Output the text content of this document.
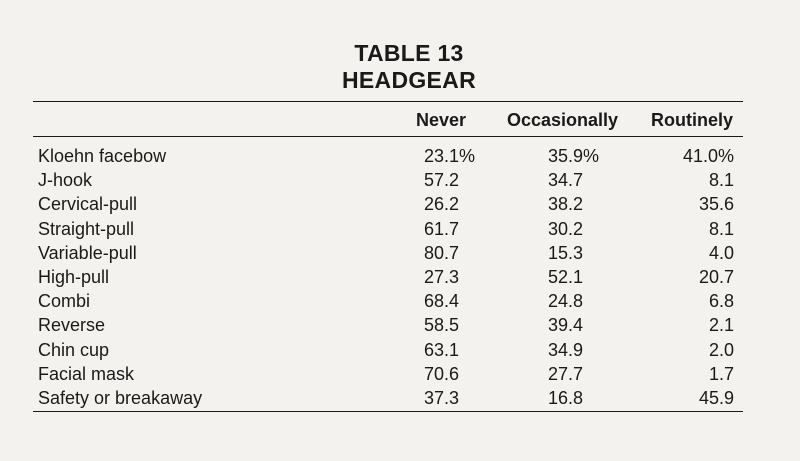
TABLE 13
HEADGEAR
Never Occasionally Routinely
Kloehn facebow	23.1%	35.9%	41.0%
J-hook	57.2	34.7	8.1
Cervical-pull	26.2	38.2	35.6
Straight-pull	61.7	30.2	8.1
Variable-pull	80.7	15.3	4.0
High-pull	27.3	52.1	20.7
Combi	68.4	24.8	6.8
Reverse	58.5	39.4	2.1
Chin cup	63.1	34.9	2.0
Facial mask	70.6	27.7	1.7
Safety or breakaway	37.3	16.8	45.9
